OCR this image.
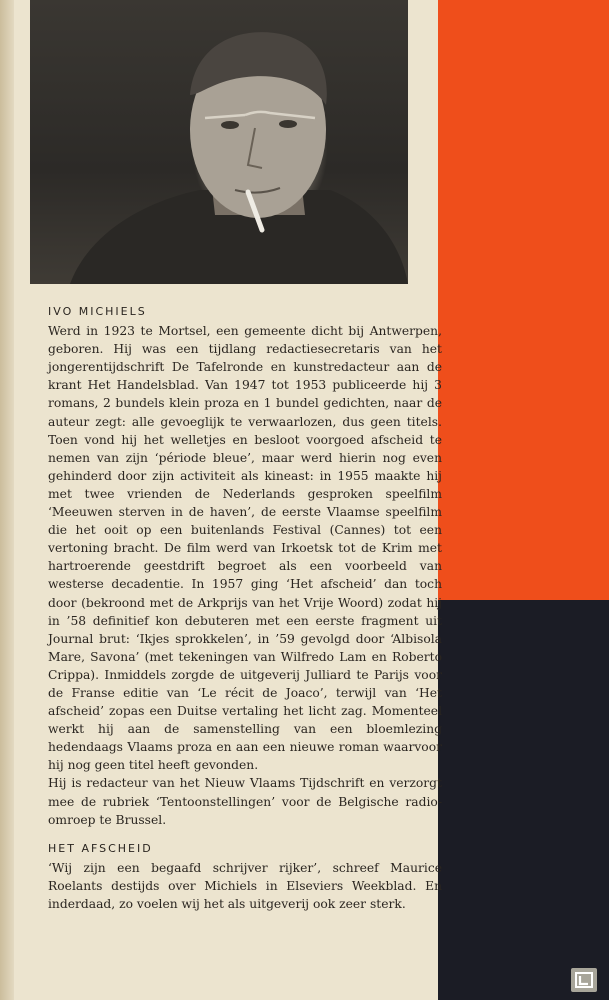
IVO MICHIELS

Werd in 1923 te Mortsel, een gemeente dicht bij Antwerpen, geboren. Hij was een tijdlang redactiesecretaris van het jongerentijdschrift De Tafelronde en kunstredacteur aan de krant Het Handelsblad. Van 1947 tot 1953 publiceerde hij 3 romans, 2 bundels klein proza en 1 bundel gedichten, naar de auteur zegt: alle gevoeglijk te verwaarlozen, dus geen titels. Toen vond hij het welletjes en besloot voorgoed afscheid te nemen van zijn ‘période bleue’, maar werd hierin nog even gehinderd door zijn activiteit als kineast: in 1955 maakte hij met twee vrienden de Nederlands gesproken speelfilm ‘Meeuwen sterven in de haven’, de eerste Vlaamse speelfilm die het ooit op een buitenlands Festival (Cannes) tot een vertoning bracht. De film werd van Irkoetsk tot de Krim met hartroerende geestdrift begroet als een voorbeeld van westerse decadentie. In 1957 ging ‘Het afscheid’ dan toch door (bekroond met de Arkprijs van het Vrije Woord) zodat hij in ’58 definitief kon debuteren met een eerste fragment uit Journal brut: ‘Ikjes sprokkelen’, in ’59 gevolgd door ‘Albisola Mare, Savona’ (met tekeningen van Wilfredo Lam en Roberto Crippa). Inmiddels zorgde de uitgeverij Julliard te Parijs voor de Franse editie van ‘Le récit de Joaco’, terwijl van ‘Het afscheid’ zopas een Duitse vertaling het licht zag. Momenteel werkt hij aan de samenstelling van een bloemlezing hedendaags Vlaams proza en aan een nieuwe roman waarvoor hij nog geen titel heeft gevonden.

Hij is redacteur van het Nieuw Vlaams Tijdschrift en verzorgt mee de rubriek ‘Tentoonstellingen’ voor de Belgische radio-omroep te Brussel.

HET AFSCHEID

‘Wij zijn een begaafd schrijver rijker’, schreef Maurice Roelants destijds over Michiels in Elseviers Weekblad. En inderdaad, zo voelen wij het als uitgeverij ook zeer sterk.
